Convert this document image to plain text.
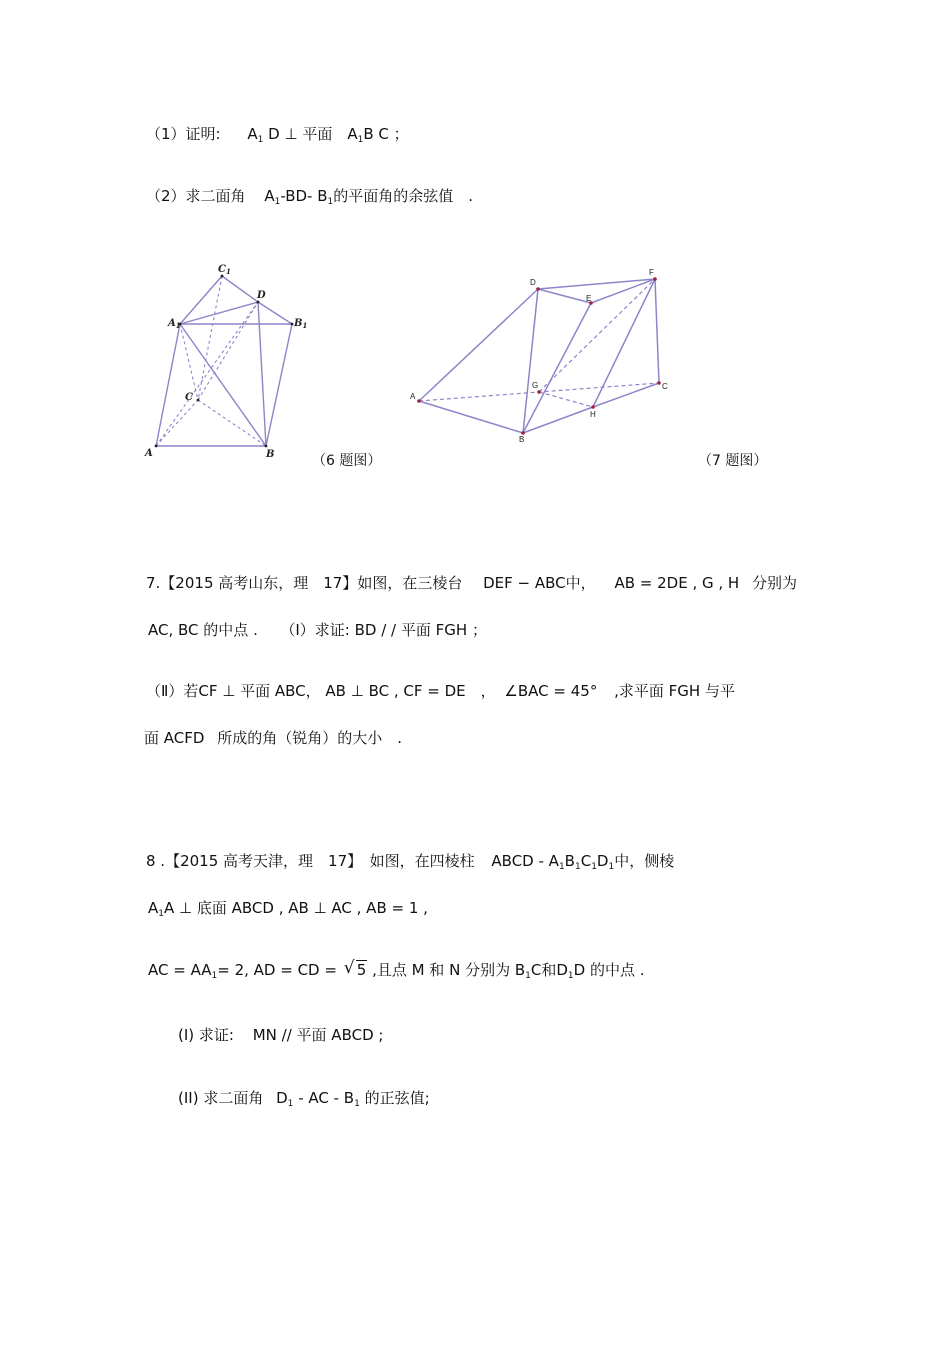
（1）证明: $A_1$ D ⊥ 平面　 $A_1B$ C ；
（2）求二面角 $A_1-BD-$ $B_1$的平面角的余弦值　.
$C_1$
D
$A_1$	$B_1$
C
A	B	（6 题图）
D
E
F
A
G	C
H
B
（7 题图）
7.【2015 高考山东，理　17】如图，在三棱台 DEF − ABC中， AB = 2DE , G , H 分别为
AC, BC 的中点 .　　（Ⅰ）求证: BD / / 平面 FGH ；
（Ⅱ）若CF ⊥ 平面 ABC， AB ⊥ BC , CF = DE　， ∠BAC = 45° ,求平面 FGH 与平
面 ACFD 所成的角（锐角）的大小　.
8 .【2015 高考天津，理　17】　如图，在四棱柱 ABCD - $A_1B_1C_1D_1$中，侧棱
$A_1A$ ⊥ 底面 ABCD , AB ⊥ AC , AB = 1 ,
AC = $AA_1= 2$, AD = CD = √ 5 ,且点 M 和 N 分别为 $B_1C$和$D_1D$ 的中点 .
(I) 求证: MN // 平面 ABCD ;
(II) 求二面角 $D_1$ - AC - $B_1$ 的正弦值;
